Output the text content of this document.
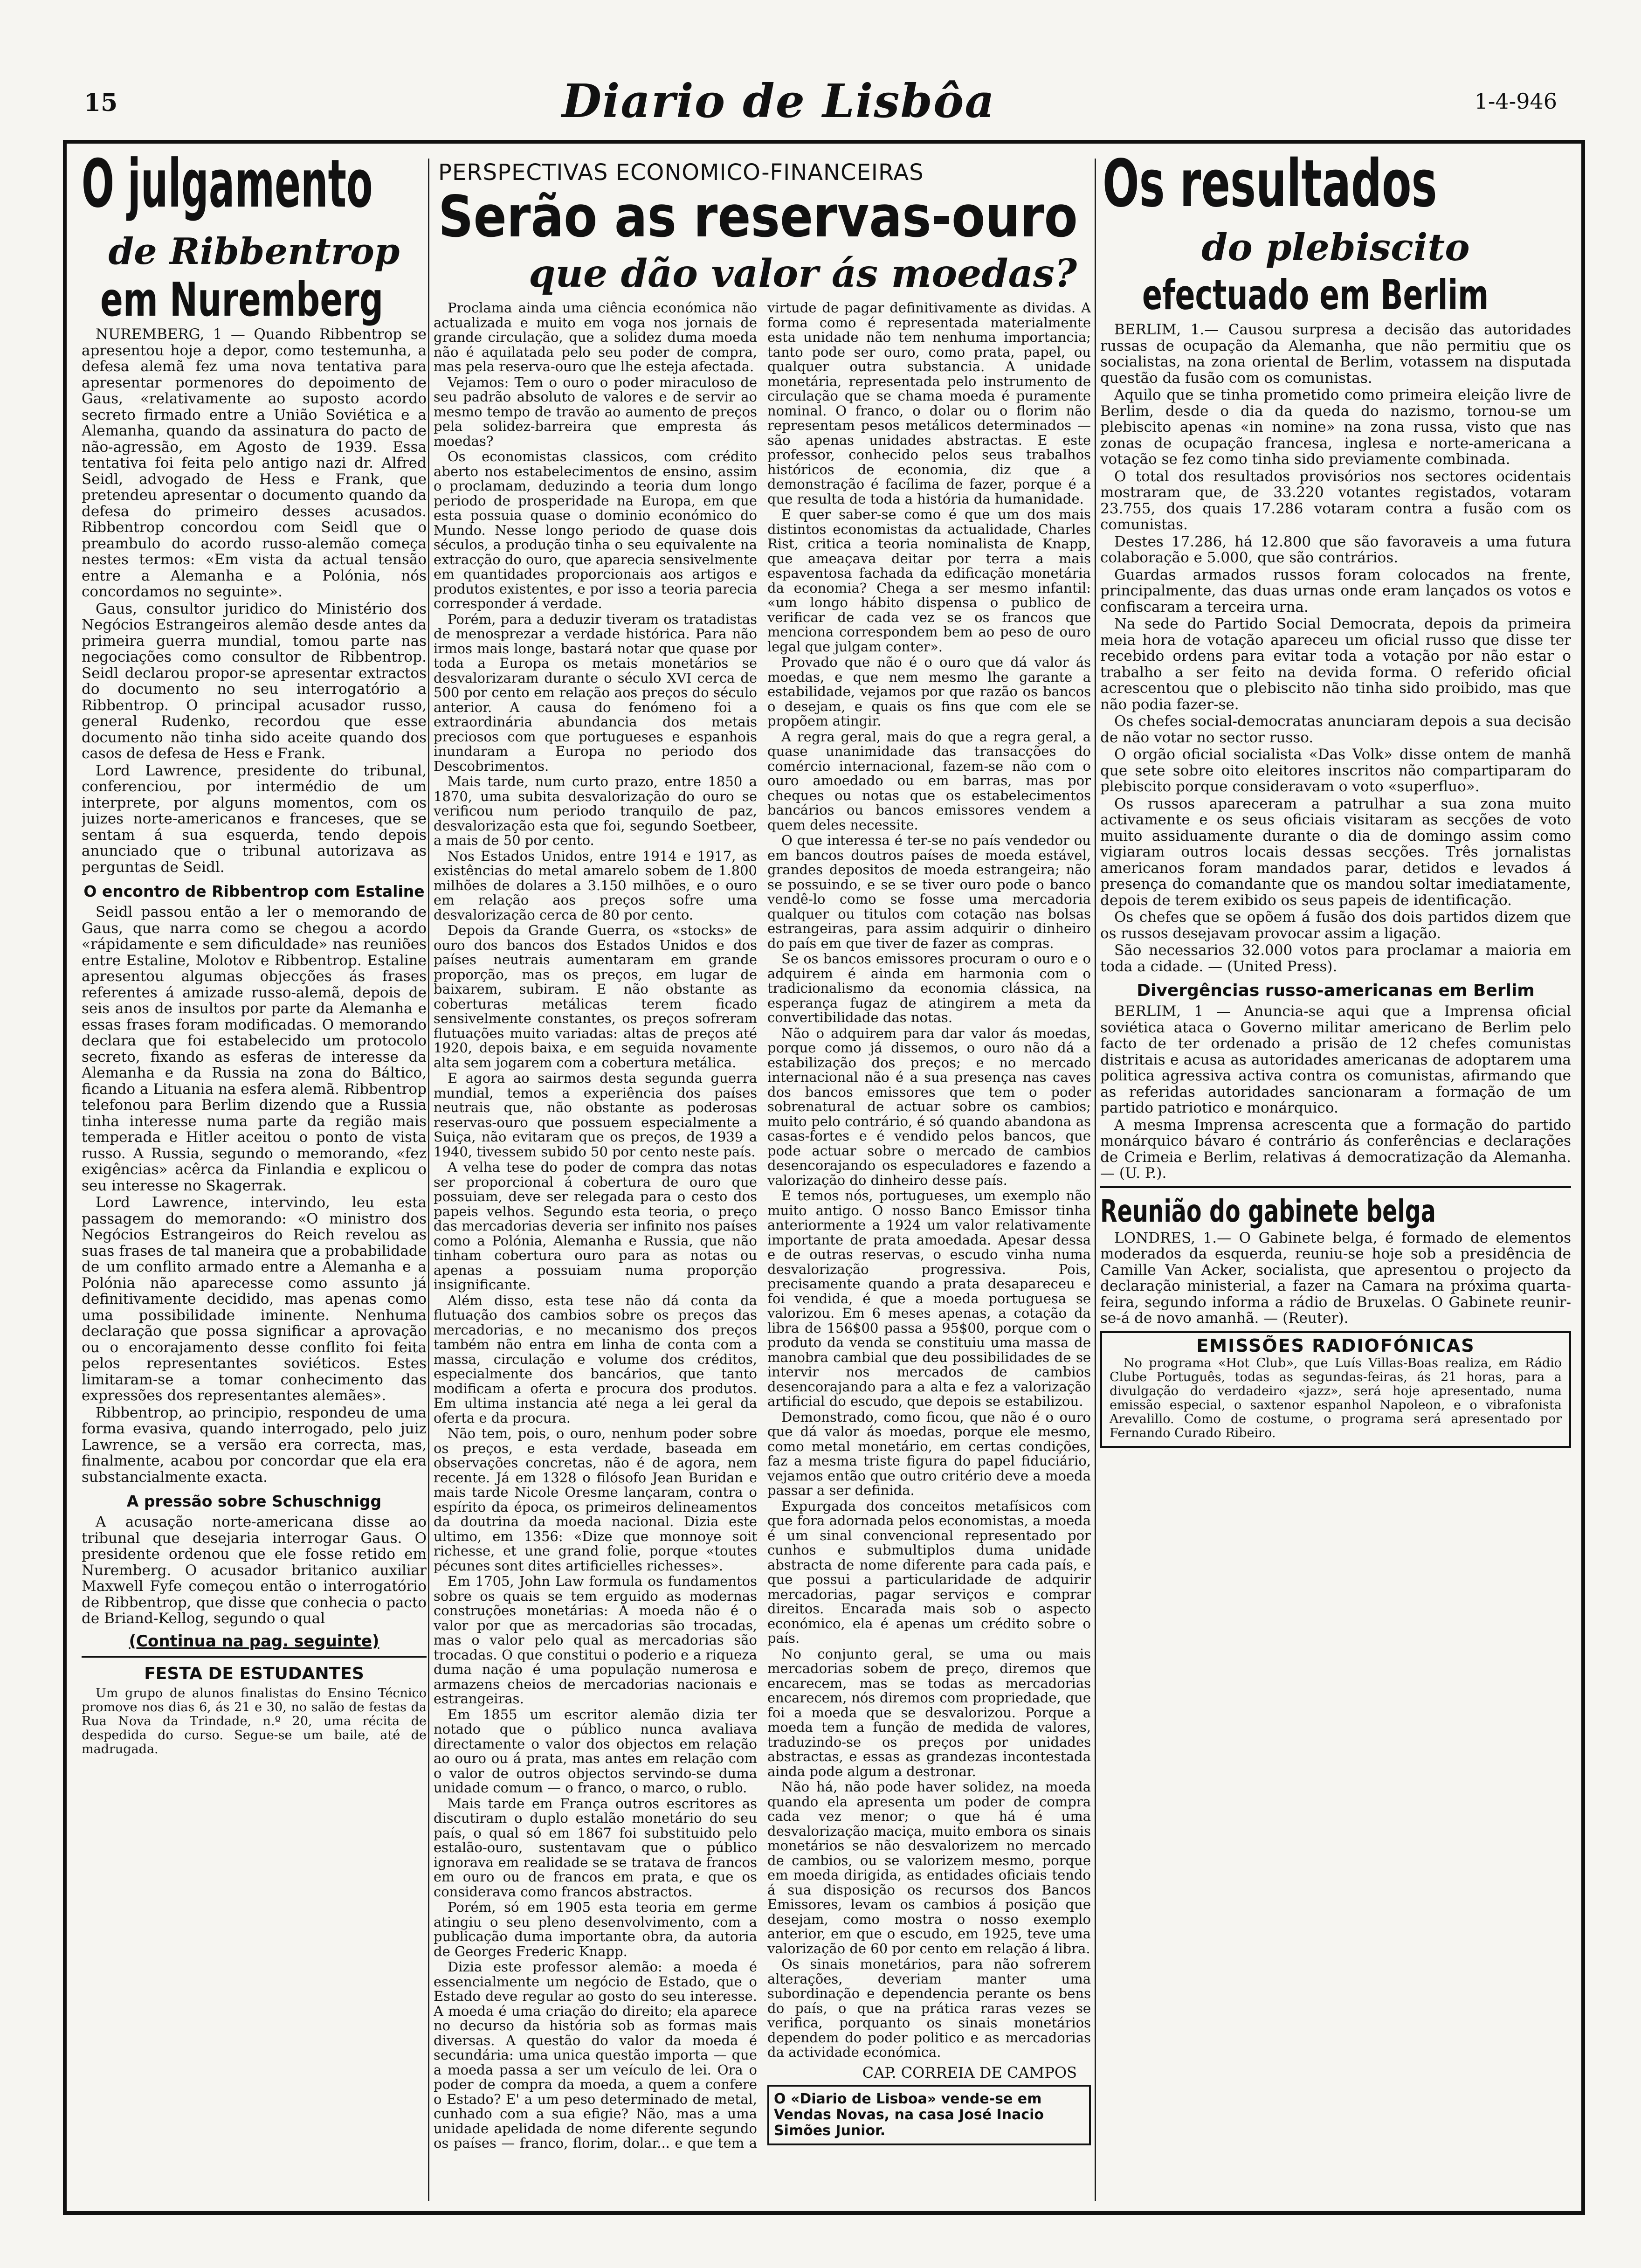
15	Diario de Lisbôa	1-4-946
O julgamento
de Ribbentrop
em Nuremberg

NUREMBERG, 1 — Quando Ribbentrop se apresentou hoje a depor, como testemunha, a defesa alemã fez uma nova tentativa para apresentar pormenores do depoimento de Gaus, «relativamente ao suposto acordo secreto firmado entre a União Soviética e a Alemanha, quando da assinatura do pacto de não-agressão, em Agosto de 1939. Essa tentativa foi feita pelo antigo nazi dr. Alfred Seidl, advogado de Hess e Frank, que pretendeu apresentar o documento quando da defesa do primeiro desses acusados. Ribbentrop concordou com Seidl que o preambulo do acordo russo-alemão começa nestes termos: «Em vista da actual tensão entre a Alemanha e a Polónia, nós concordamos no seguinte».

Gaus, consultor juridico do Ministério dos Negócios Estrangeiros alemão desde antes da primeira guerra mundial, tomou parte nas negociações como consultor de Ribbentrop. Seidl declarou propor-se apresentar extractos do documento no seu interrogatório a Ribbentrop. O principal acusador russo, general Rudenko, recordou que esse documento não tinha sido aceite quando dos casos de defesa de Hess e Frank.

Lord Lawrence, presidente do tribunal, conferenciou, por intermédio de um interprete, por alguns momentos, com os juizes norte-americanos e franceses, que se sentam á sua esquerda, tendo depois anunciado que o tribunal autorizava as perguntas de Seidl.

O encontro de Ribbentrop com Estaline

Seidl passou então a ler o memorando de Gaus, que narra como se chegou a acordo «rápidamente e sem dificuldade» nas reuniões entre Estaline, Molotov e Ribbentrop. Estaline apresentou algumas objecções ás frases referentes á amizade russo-alemã, depois de seis anos de insultos por parte da Alemanha e essas frases foram modificadas. O memorando declara que foi estabelecido um protocolo secreto, fixando as esferas de interesse da Alemanha e da Russia na zona do Báltico, ficando a Lituania na esfera alemã. Ribbentrop telefonou para Berlim dizendo que a Russia tinha interesse numa parte da região mais temperada e Hitler aceitou o ponto de vista russo. A Russia, segundo o memorando, «fez exigências» acêrca da Finlandia e explicou o seu interesse no Skagerrak.

Lord Lawrence, intervindo, leu esta passagem do memorando: «O ministro dos Negócios Estrangeiros do Reich revelou as suas frases de tal maneira que a probabilidade de um conflito armado entre a Alemanha e a Polónia não aparecesse como assunto já definitivamente decidido, mas apenas como uma possibilidade iminente. Nenhuma declaração que possa significar a aprovação ou o encorajamento desse conflito foi feita pelos representantes soviéticos. Estes limitaram-se a tomar conhecimento das expressões dos representantes alemães».

Ribbentrop, ao principio, respondeu de uma forma evasiva, quando interrogado, pelo juiz Lawrence, se a versão era correcta, mas, finalmente, acabou por concordar que ela era substancialmente exacta.

A pressão sobre Schuschnigg

A acusação norte-americana disse ao tribunal que desejaria interrogar Gaus. O presidente ordenou que ele fosse retido em Nuremberg. O acusador britanico auxiliar Maxwell Fyfe começou então o interrogatório de Ribbentrop, que disse que conhecia o pacto de Briand-Kellog, segundo o qual

(Continua na pag. seguinte)
FESTA DE ESTUDANTES

Um grupo de alunos finalistas do Ensino Técnico promove nos dias 6, ás 21 e 30, no salão de festas da Rua Nova da Trindade, n.º 20, uma récita de despedida do curso. Segue-se um baile, até de madrugada.

PERSPECTIVAS ECONOMICO-FINANCEIRAS
Serão as reservas-ouro
que dão valor ás moedas?

Proclama ainda uma ciência económica não actualizada e muito em voga nos jornais de grande circulação, que a solidez duma moeda não é aquilatada pelo seu poder de compra, mas pela reserva-ouro que lhe esteja afectada.

Vejamos: Tem o ouro o poder miraculoso de seu padrão absoluto de valores e de servir ao mesmo tempo de travão ao aumento de preços pela solidez-barreira que empresta ás moedas?

Os economistas classicos, com crédito aberto nos estabelecimentos de ensino, assim o proclamam, deduzindo a teoria dum longo periodo de prosperidade na Europa, em que esta possuia quase o dominio económico do Mundo. Nesse longo periodo de quase dois séculos, a produção tinha o seu equivalente na extracção do ouro, que aparecia sensivelmente em quantidades proporcionais aos artigos e produtos existentes, e por isso a teoria parecia corresponder á verdade.

Porém, para a deduzir tiveram os tratadistas de menosprezar a verdade histórica. Para não irmos mais longe, bastará notar que quase por toda a Europa os metais monetários se desvalorizaram durante o século XVI cerca de 500 por cento em relação aos preços do século anterior. A causa do fenómeno foi a extraordinária abundancia dos metais preciosos com que portugueses e espanhois inundaram a Europa no periodo dos Descobrimentos.

Mais tarde, num curto prazo, entre 1850 a 1870, uma subita desvalorização do ouro se verificou num periodo tranquilo de paz, desvalorização esta que foi, segundo Soetbeer, a mais de 50 por cento.

Nos Estados Unidos, entre 1914 e 1917, as existências do metal amarelo sobem de 1.800 milhões de dolares a 3.150 milhões, e o ouro em relação aos preços sofre uma desvalorização cerca de 80 por cento.

Depois da Grande Guerra, os «stocks» de ouro dos bancos dos Estados Unidos e dos países neutrais aumentaram em grande proporção, mas os preços, em lugar de baixarem, subiram. E não obstante as coberturas metálicas terem ficado sensivelmente constantes, os preços sofreram flutuações muito variadas: altas de preços até 1920, depois baixa, e em seguida novamente alta sem jogarem com a cobertura metálica.

E agora ao sairmos desta segunda guerra mundial, temos a experiência dos países neutrais que, não obstante as poderosas reservas-ouro que possuem especialmente a Suiça, não evitaram que os preços, de 1939 a 1940, tivessem subido 50 por cento neste país.

A velha tese do poder de compra das notas ser proporcional á cobertura de ouro que possuiam, deve ser relegada para o cesto dos papeis velhos. Segundo esta teoria, o preço das mercadorias deveria ser infinito nos países como a Polónia, Alemanha e Russia, que não tinham cobertura ouro para as notas ou apenas a possuiam numa proporção insignificante.

Além disso, esta tese não dá conta da flutuação dos cambios sobre os preços das mercadorias, e no mecanismo dos preços também não entra em linha de conta com a massa, circulação e volume dos créditos, especialmente dos bancários, que tanto modificam a oferta e procura dos produtos. Em ultima instancia até nega a lei geral da oferta e da procura.

Não tem, pois, o ouro, nenhum poder sobre os preços, e esta verdade, baseada em observações concretas, não é de agora, nem recente. Já em 1328 o filósofo Jean Buridan e mais tarde Nicole Oresme lançaram, contra o espírito da época, os primeiros delineamentos da doutrina da moeda nacional. Dizia este ultimo, em 1356: «Dize que monnoye soit richesse, et une grand folie, porque «toutes pécunes sont dites artificielles richesses».

Em 1705, John Law formula os fundamentos sobre os quais se tem erguido as modernas construções monetárias: A moeda não é o valor por que as mercadorias são trocadas, mas o valor pelo qual as mercadorias são trocadas. O que constitui o poderio e a riqueza duma nação é uma população numerosa e armazens cheios de mercadorias nacionais e estrangeiras.

Em 1855 um escritor alemão dizia ter notado que o público nunca avaliava directamente o valor dos objectos em relação ao ouro ou á prata, mas antes em relação com o valor de outros objectos servindo-se duma unidade comum — o franco, o marco, o rublo.

Mais tarde em França outros escritores as discutiram o duplo estalão monetário do seu país, o qual só em 1867 foi substituido pelo estalão-ouro, sustentavam que o público ignorava em realidade se se tratava de francos em ouro ou de francos em prata, e que os considerava como francos abstractos.

Porém, só em 1905 esta teoria em germe atingiu o seu pleno desenvolvimento, com a publicação duma importante obra, da autoria de Georges Frederic Knapp.

Dizia este professor alemão: a moeda é essencialmente um negócio de Estado, que o Estado deve regular ao gosto do seu interesse. A moeda é uma criação do direito; ela aparece no decurso da história sob as formas mais diversas. A questão do valor da moeda é secundária: uma unica questão importa — que a moeda passa a ser um veículo de lei. Ora o poder de compra da moeda, a quem a confere o Estado? E' a um peso determinado de metal, cunhado com a sua efigie? Não, mas a uma unidade apelidada de nome diferente segundo os países — franco, florim, dolar... e que tem a virtude de pagar definitivamente as dividas. A forma como é representada materialmente esta unidade não tem nenhuma importancia; tanto pode ser ouro, como prata, papel, ou qualquer outra substancia. A unidade monetária, representada pelo instrumento de circulação que se chama moeda é puramente nominal. O franco, o dolar ou o florim não representam pesos metálicos determinados — são apenas unidades abstractas. E este professor, conhecido pelos seus trabalhos históricos de economia, diz que a demonstração é facílima de fazer, porque é a que resulta de toda a história da humanidade.

E quer saber-se como é que um dos mais distintos economistas da actualidade, Charles Rist, critica a teoria nominalista de Knapp, que ameaçava deitar por terra a mais espaventosa fachada da edificação monetária da economia? Chega a ser mesmo infantil: «um longo hábito dispensa o publico de verificar de cada vez se os francos que menciona correspondem bem ao peso de ouro legal que julgam conter».

Provado que não é o ouro que dá valor ás moedas, e que nem mesmo lhe garante a estabilidade, vejamos por que razão os bancos o desejam, e quais os fins que com ele se propõem atingir.

A regra geral, mais do que a regra geral, a quase unanimidade das transacções do comércio internacional, fazem-se não com o ouro amoedado ou em barras, mas por cheques ou notas que os estabelecimentos bancários ou bancos emissores vendem a quem deles necessite.

O que interessa é ter-se no país vendedor ou em bancos doutros países de moeda estável, grandes depositos de moeda estrangeira; não se possuindo, e se se tiver ouro pode o banco vendê-lo como se fosse uma mercadoria qualquer ou titulos com cotação nas bolsas estrangeiras, para assim adquirir o dinheiro do país em que tiver de fazer as compras.

Se os bancos emissores procuram o ouro e o adquirem é ainda em harmonia com o tradicionalismo da economia clássica, na esperança fugaz de atingirem a meta da convertibilidade das notas.

Não o adquirem para dar valor ás moedas, porque como já dissemos, o ouro não dá a estabilização dos preços; e no mercado internacional não é a sua presença nas caves dos bancos emissores que tem o poder sobrenatural de actuar sobre os cambios; muito pelo contrário, é só quando abandona as casas-fortes e é vendido pelos bancos, que pode actuar sobre o mercado de cambios desencorajando os especuladores e fazendo a valorização do dinheiro desse país.

E temos nós, portugueses, um exemplo não muito antigo. O nosso Banco Emissor tinha anteriormente a 1924 um valor relativamente importante de prata amoedada. Apesar dessa e de outras reservas, o escudo vinha numa desvalorização progressiva. Pois, precisamente quando a prata desapareceu e foi vendida, é que a moeda portuguesa se valorizou. Em 6 meses apenas, a cotação da libra de 156$00 passa a 95$00, porque com o produto da venda se constituiu uma massa de manobra cambial que deu possibilidades de se intervir nos mercados de cambios desencorajando para a alta e fez a valorização artificial do escudo, que depois se estabilizou.

Demonstrado, como ficou, que não é o ouro que dá valor ás moedas, porque ele mesmo, como metal monetário, em certas condições, faz a mesma triste figura do papel fiduciário, vejamos então que outro critério deve a moeda passar a ser definida.

Expurgada dos conceitos metafísicos com que fora adornada pelos economistas, a moeda é um sinal convencional representado por cunhos e submultiplos duma unidade abstracta de nome diferente para cada país, e que possui a particularidade de adquirir mercadorias, pagar serviços e comprar direitos. Encarada mais sob o aspecto económico, ela é apenas um crédito sobre o país.

No conjunto geral, se uma ou mais mercadorias sobem de preço, diremos que encarecem, mas se todas as mercadorias encarecem, nós diremos com propriedade, que foi a moeda que se desvalorizou. Porque a moeda tem a função de medida de valores, traduzindo-se os preços por unidades abstractas, e essas as grandezas incontestada ainda pode algum a destronar.

Não há, não pode haver solidez, na moeda quando ela apresenta um poder de compra cada vez menor; o que há é uma desvalorização maciça, muito embora os sinais monetários se não desvalorizem no mercado de cambios, ou se valorizem mesmo, porque em moeda dirigida, as entidades oficiais tendo á sua disposição os recursos dos Bancos Emissores, levam os cambios á posição que desejam, como mostra o nosso exemplo anterior, em que o escudo, em 1925, teve uma valorização de 60 por cento em relação á libra.

Os sinais monetários, para não sofrerem alterações, deveriam manter uma subordinação e dependencia perante os bens do país, o que na prática raras vezes se verifica, porquanto os sinais monetários dependem do poder politico e as mercadorias da actividade económica.

CAP. CORREIA DE CAMPOS
O «Diario de Lisboa» vende-se em Vendas Novas, na casa José Inacio Simões Junior.
Os resultados
do plebiscito
efectuado em Berlim

BERLIM, 1.— Causou surpresa a decisão das autoridades russas de ocupação da Alemanha, que não permitiu que os socialistas, na zona oriental de Berlim, votassem na disputada questão da fusão com os comunistas.

Aquilo que se tinha prometido como primeira eleição livre de Berlim, desde o dia da queda do nazismo, tornou-se um plebiscito apenas «in nomine» na zona russa, visto que nas zonas de ocupação francesa, inglesa e norte-americana a votação se fez como tinha sido previamente combinada.

O total dos resultados provisórios nos sectores ocidentais mostraram que, de 33.220 votantes registados, votaram 23.755, dos quais 17.286 votaram contra a fusão com os comunistas.

Destes 17.286, há 12.800 que são favoraveis a uma futura colaboração e 5.000, que são contrários.

Guardas armados russos foram colocados na frente, principalmente, das duas urnas onde eram lançados os votos e confiscaram a terceira urna.

Na sede do Partido Social Democrata, depois da primeira meia hora de votação apareceu um oficial russo que disse ter recebido ordens para evitar toda a votação por não estar o trabalho a ser feito na devida forma. O referido oficial acrescentou que o plebiscito não tinha sido proibido, mas que não podia fazer-se.

Os chefes social-democratas anunciaram depois a sua decisão de não votar no sector russo.

O orgão oficial socialista «Das Volk» disse ontem de manhã que sete sobre oito eleitores inscritos não compartiparam do plebiscito porque consideravam o voto «superfluo».

Os russos apareceram a patrulhar a sua zona muito activamente e os seus oficiais visitaram as secções de voto muito assiduamente durante o dia de domingo assim como vigiaram outros locais dessas secções. Três jornalistas americanos foram mandados parar, detidos e levados á presença do comandante que os mandou soltar imediatamente, depois de terem exibido os seus papeis de identificação.

Os chefes que se opõem á fusão dos dois partidos dizem que os russos desejavam provocar assim a ligação.

São necessarios 32.000 votos para proclamar a maioria em toda a cidade. — (United Press).

Divergências russo-americanas em Berlim

BERLIM, 1 — Anuncia-se aqui que a Imprensa oficial soviética ataca o Governo militar americano de Berlim pelo facto de ter ordenado a prisão de 12 chefes comunistas distritais e acusa as autoridades americanas de adoptarem uma politica agressiva activa contra os comunistas, afirmando que as referidas autoridades sancionaram a formação de um partido patriotico e monárquico.

A mesma Imprensa acrescenta que a formação do partido monárquico bávaro é contrário ás conferências e declarações de Crimeia e Berlim, relativas á democratização da Alemanha. — (U. P.).

Reunião do gabinete belga

LONDRES, 1.— O Gabinete belga, é formado de elementos moderados da esquerda, reuniu-se hoje sob a presidência de Camille Van Acker, socialista, que apresentou o projecto da declaração ministerial, a fazer na Camara na próxima quarta-feira, segundo informa a rádio de Bruxelas. O Gabinete reunir-se-á de novo amanhã. — (Reuter).

EMISSÕES RADIOFÓNICAS

No programa «Hot Club», que Luís Villas-Boas realiza, em Rádio Clube Português, todas as segundas-feiras, ás 21 horas, para a divulgação do verdadeiro «jazz», será hoje apresentado, numa emissão especial, o saxtenor espanhol Napoleon, e o vibrafonista Arevalillo. Como de costume, o programa será apresentado por Fernando Curado Ribeiro.
